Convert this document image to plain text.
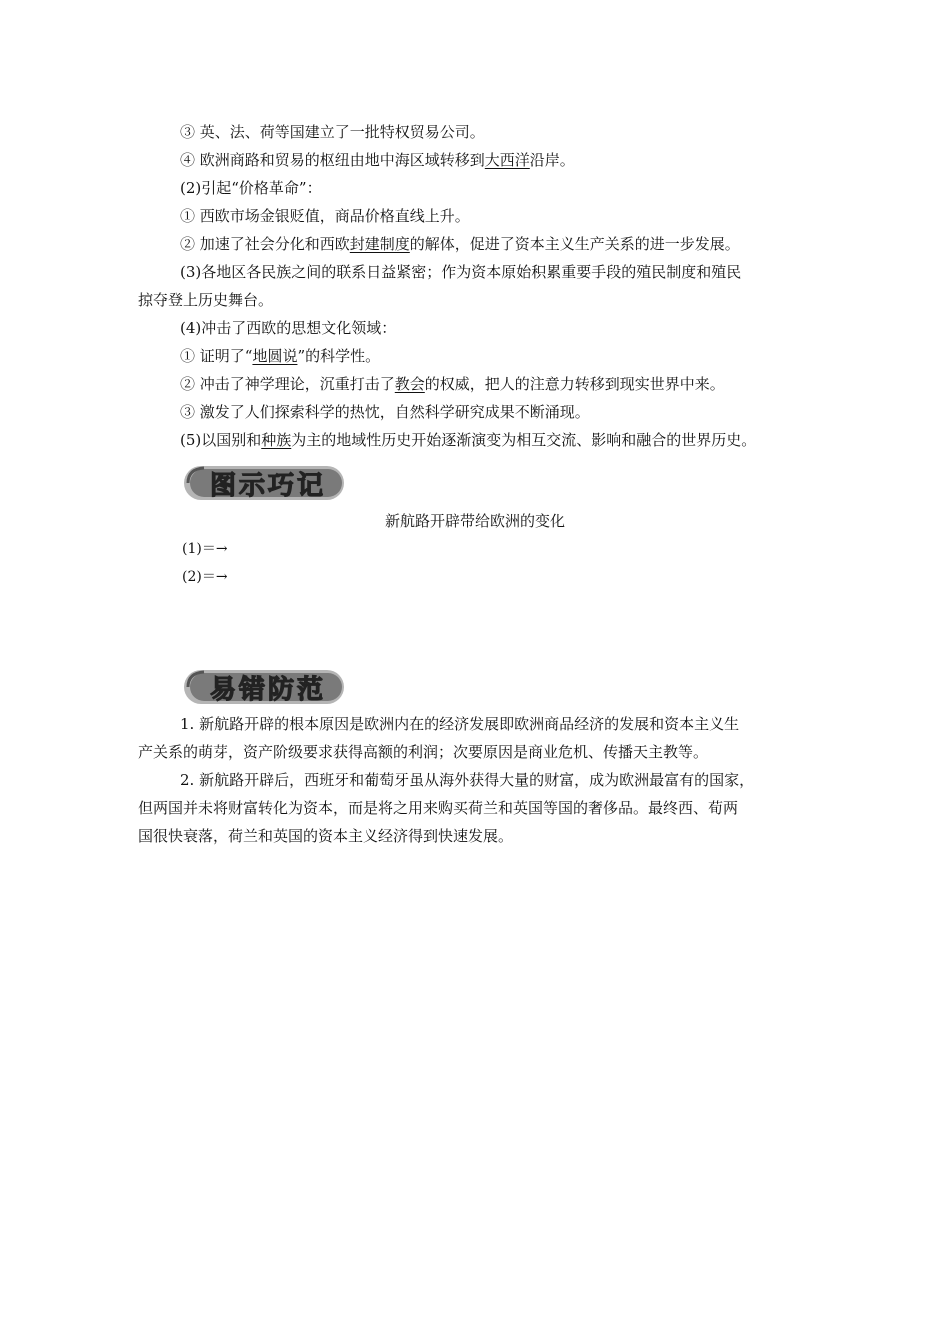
③ 英、法、荷等国建立了一批特权贸易公司。
④ 欧洲商路和贸易的枢纽由地中海区域转移到大西洋沿岸。
(2)引起“价格革命”：
① 西欧市场金银贬值，商品价格直线上升。
② 加速了社会分化和西欧封建制度的解体，促进了资本主义生产关系的进一步发展。
(3)各地区各民族之间的联系日益紧密；作为资本原始积累重要手段的殖民制度和殖民
掠夺登上历史舞台。
(4)冲击了西欧的思想文化领域：
① 证明了“地圆说”的科学性。
② 冲击了神学理论，沉重打击了教会的权威，把人的注意力转移到现实世界中来。
③ 激发了人们探索科学的热忱，自然科学研究成果不断涌现。
(5)以国别和种族为主的地域性历史开始逐渐演变为相互交流、影响和融合的世界历史。
图示巧记
新航路开辟带给欧洲的变化
(1)＝→
(2)＝→
易错防范
1. 新航路开辟的根本原因是欧洲内在的经济发展即欧洲商品经济的发展和资本主义生
产关系的萌芽，资产阶级要求获得高额的利润；次要原因是商业危机、传播天主教等。
2. 新航路开辟后，西班牙和葡萄牙虽从海外获得大量的财富，成为欧洲最富有的国家，
但两国并未将财富转化为资本，而是将之用来购买荷兰和英国等国的奢侈品。最终西、荀两
国很快衰落，荷兰和英国的资本主义经济得到快速发展。
